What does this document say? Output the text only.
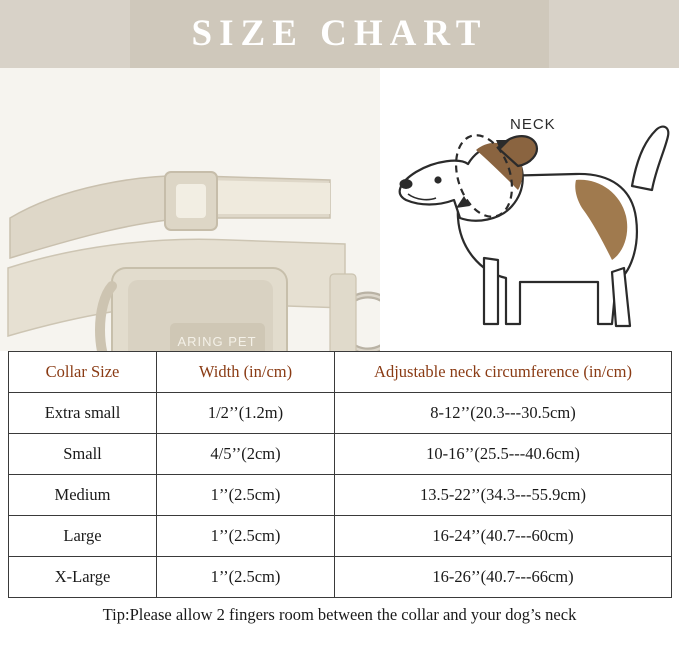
SIZE CHART
ARING PET
NECK
Collar Size	Width (in/cm)	Adjustable neck circumference (in/cm)
Extra small	1/2’’(1.2m)	8-12’’(20.3---30.5cm)
Small	4/5’’(2cm)	10-16’’(25.5---40.6cm)
Medium	1’’(2.5cm)	13.5-22’’(34.3---55.9cm)
Large	1’’(2.5cm)	16-24’’(40.7---60cm)
X-Large	1’’(2.5cm)	16-26’’(40.7---66cm)
Tip:Please allow 2 fingers room between the collar and your dog’s neck
